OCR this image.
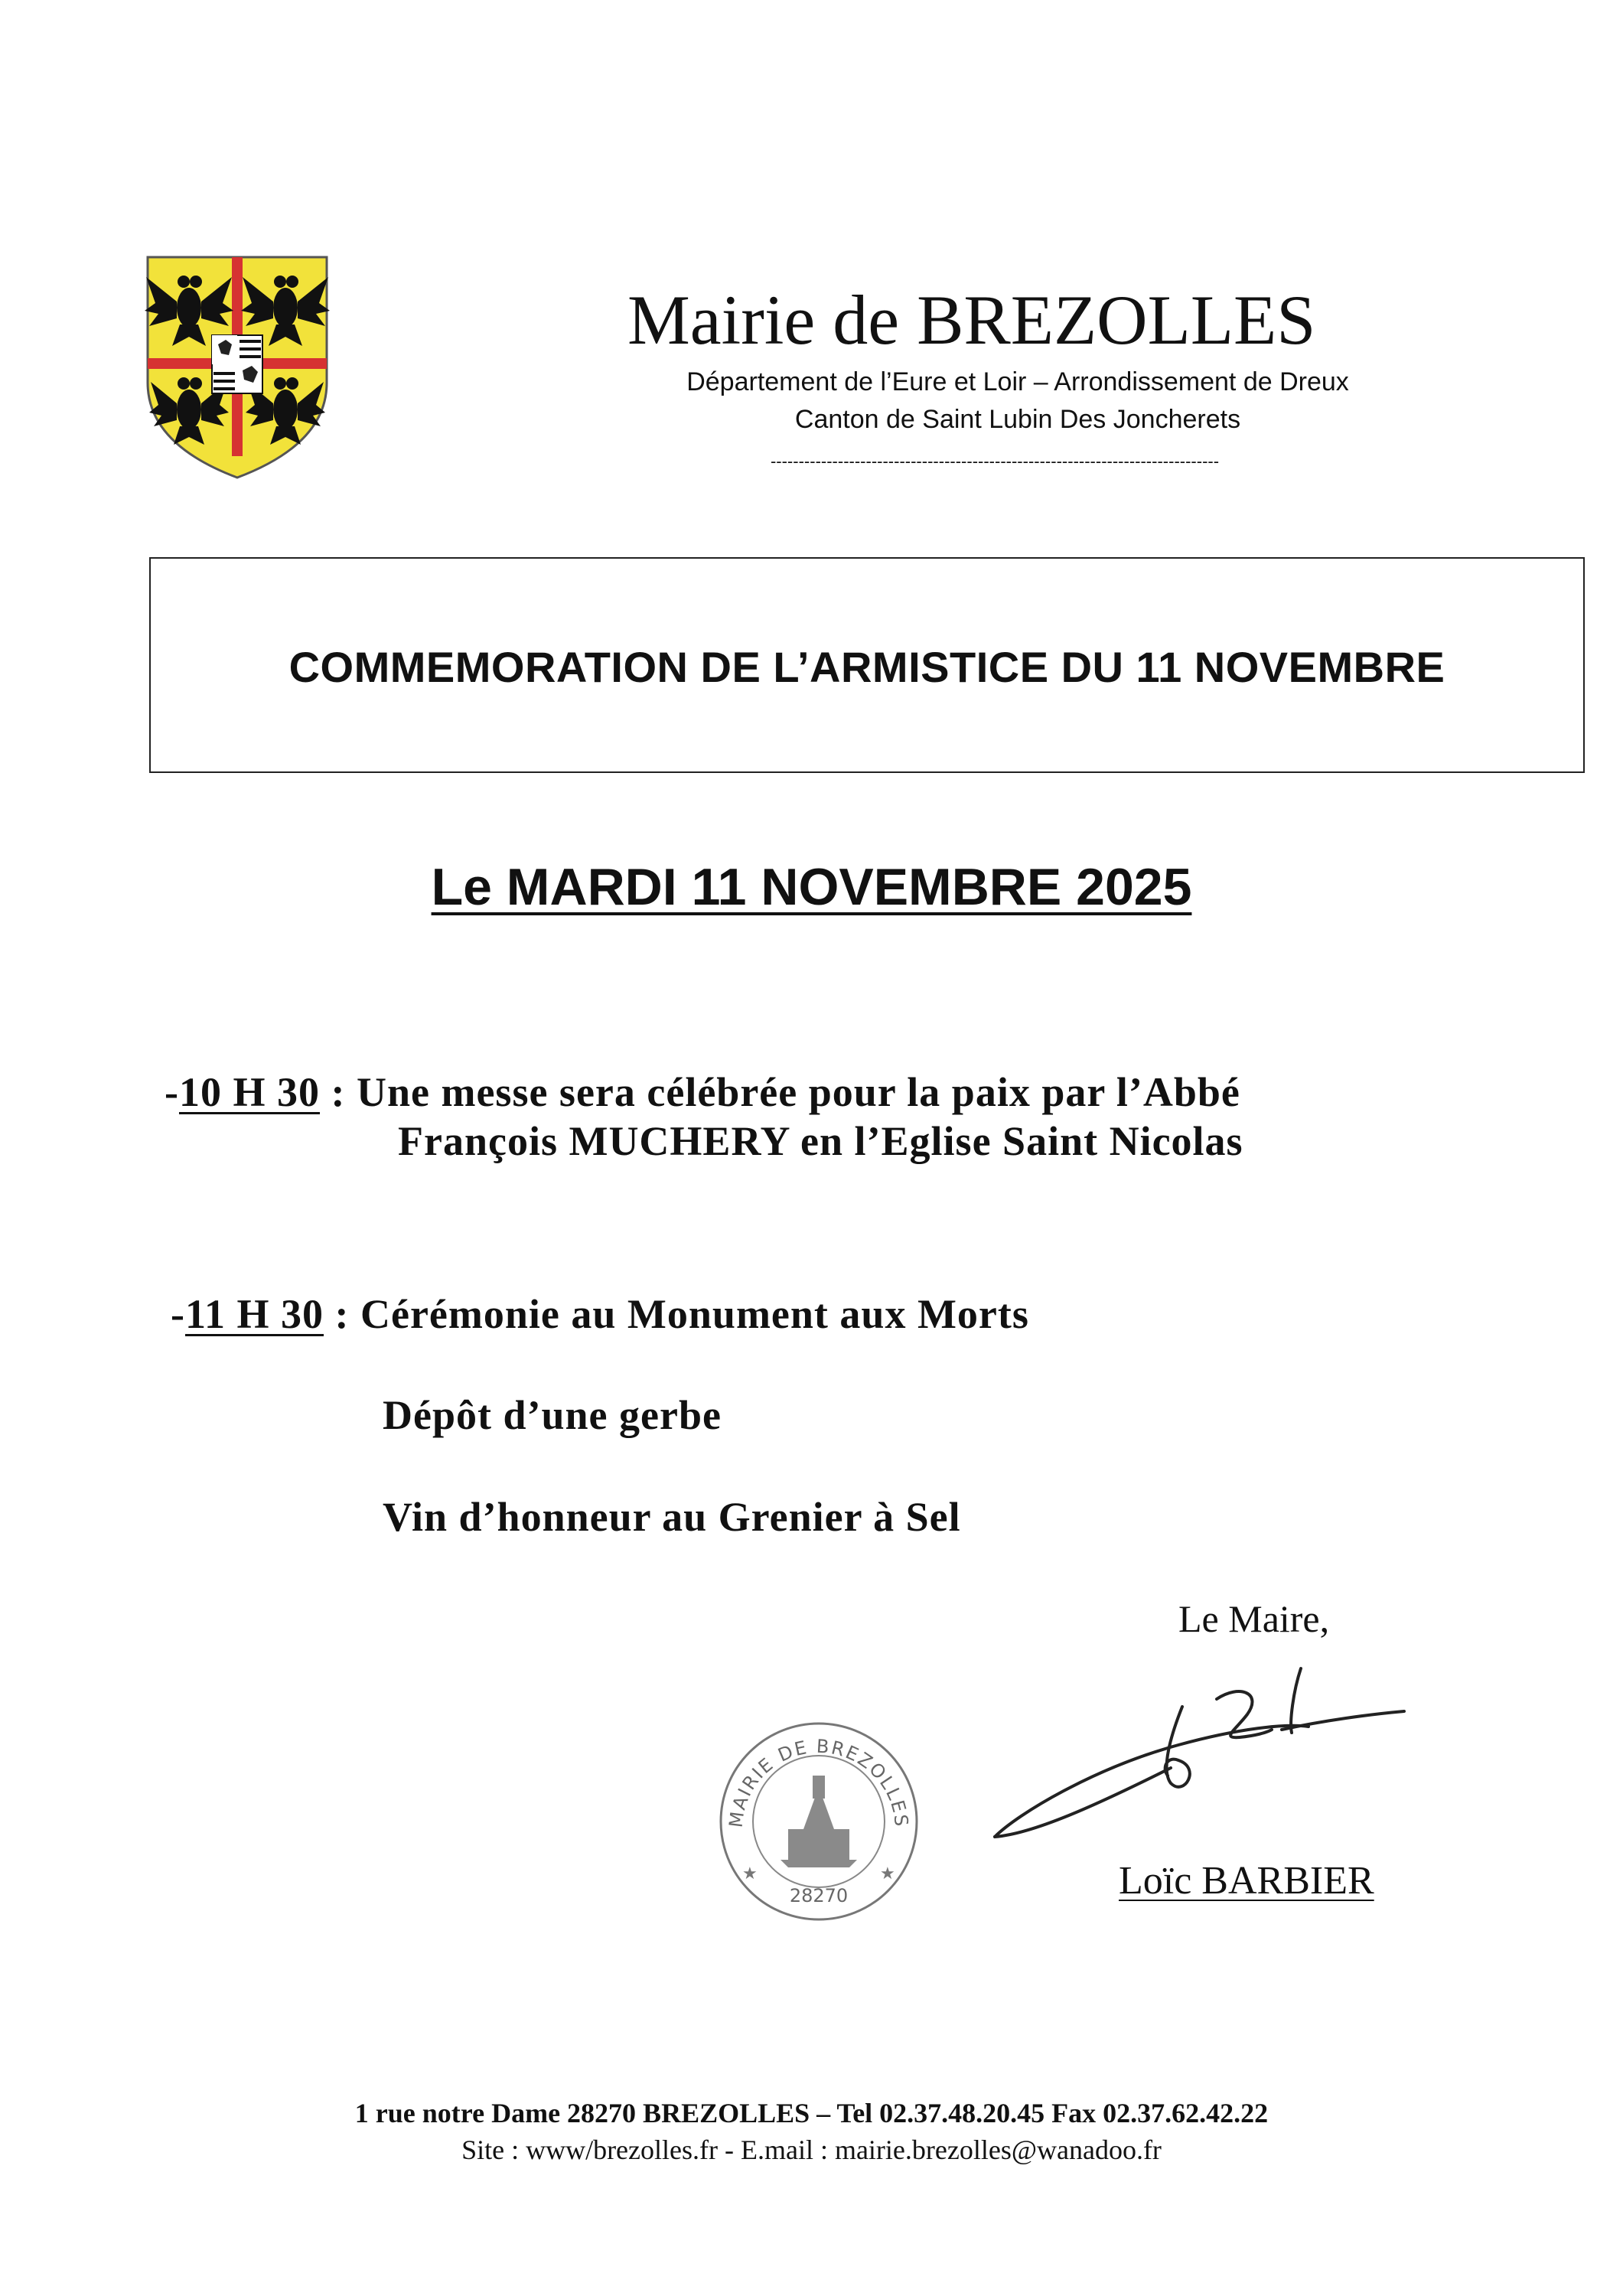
Mairie de BREZOLLES
Département de l’Eure et Loir – Arrondissement de Dreux
Canton de Saint Lubin Des Joncherets
--------------------------------------------------------------------------------
COMMEMORATION DE L’ARMISTICE DU 11 NOVEMBRE
Le MARDI 11 NOVEMBRE 2025
-10 H 30 : Une messe sera célébrée pour la paix par l’Abbé
François MUCHERY en l’Eglise Saint Nicolas
-11 H 30 : Cérémonie au Monument aux Morts
Dépôt d’une gerbe
Vin d’honneur au Grenier à Sel
Le Maire,
MAIRIE DE BREZOLLES
28270
★	★	Loïc BARBIER
1 rue notre Dame 28270 BREZOLLES – Tel 02.37.48.20.45 Fax 02.37.62.42.22
Site : www/brezolles.fr - E.mail : mairie.brezolles@wanadoo.fr
